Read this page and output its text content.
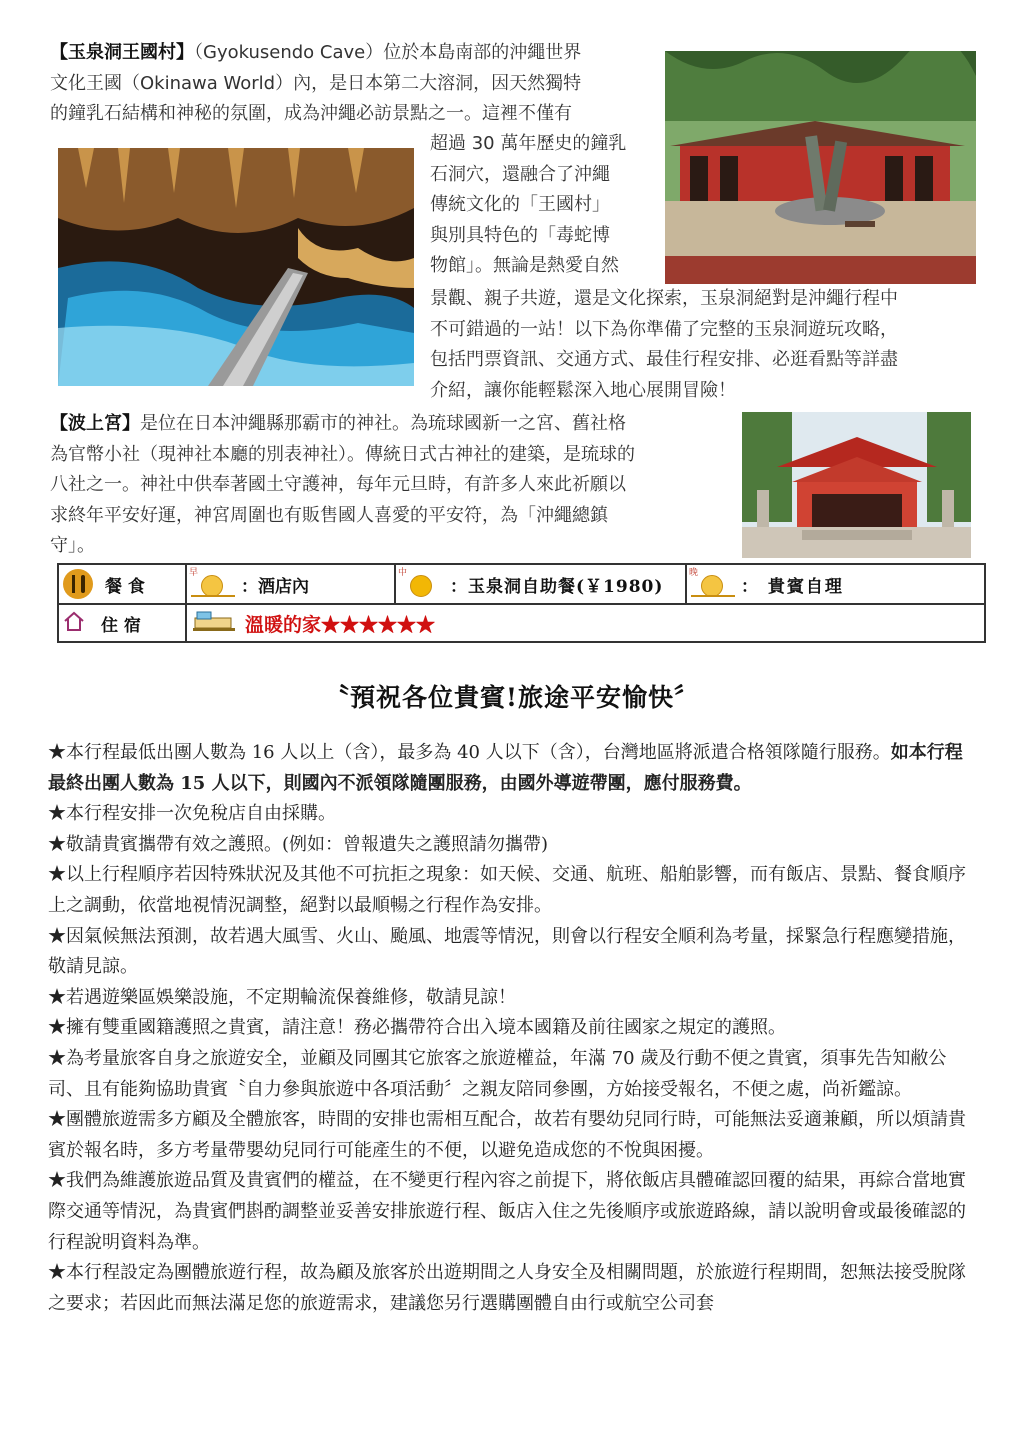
【玉泉洞王國村】（Gyokusendo Cave）位於本島南部的沖繩世界
文化王國（Okinawa World）內，是日本第二大溶洞，因天然獨特
的鐘乳石結構和神秘的氛圍，成為沖繩必訪景點之一。這裡不僅有
超過 30 萬年歷史的鐘乳
石洞穴，還融合了沖繩
傳統文化的「王國村」
與別具特色的「毒蛇博
物館」。無論是熱愛自然
景觀、親子共遊，還是文化探索，玉泉洞絕對是沖繩行程中
不可錯過的一站！以下為你準備了完整的玉泉洞遊玩攻略，
包括門票資訊、交通方式、最佳行程安排、必逛看點等詳盡
介紹，讓你能輕鬆深入地心展開冒險！
【波上宮】是位在日本沖繩縣那霸市的神社。為琉球國新一之宮、舊社格
為官幣小社（現神社本廳的別表神社）。傳統日式古神社的建築，是琉球的
八社之一。神社中供奉著國土守護神，每年元旦時，有許多人來此祈願以
求終年平安好運，神宮周圍也有販售國人喜愛的平安符，為「沖繩總鎮
守」。
餐 食
早
：酒店內
中
：玉泉洞自助餐(￥1980)
晚
： 貴賓自理
住 宿	溫暖的家★★★★★★
〝預祝各位貴賓!旅途平安愉快〞

★本行程最低出團人數為 16 人以上（含），最多為 40 人以下（含），台灣地區將派遣合格領隊隨行服務。如本行程最終出團人數為 15 人以下，則國內不派領隊隨團服務，由國外導遊帶團，應付服務費。

★本行程安排一次免稅店自由採購。

★敬請貴賓攜帶有效之護照。(例如：曾報遺失之護照請勿攜帶)

★以上行程順序若因特殊狀況及其他不可抗拒之現象：如天候、交通、航班、船舶影響，而有飯店、景點、餐食順序上之調動，依當地視情況調整，絕對以最順暢之行程作為安排。

★因氣候無法預測，故若遇大風雪、火山、颱風、地震等情況，則會以行程安全順利為考量，採緊急行程應變措施，敬請見諒。

★若遇遊樂區娛樂設施，不定期輪流保養維修，敬請見諒！

★擁有雙重國籍護照之貴賓，請注意！務必攜帶符合出入境本國籍及前往國家之規定的護照。

★為考量旅客自身之旅遊安全，並顧及同團其它旅客之旅遊權益，年滿 70 歲及行動不便之貴賓，須事先告知敝公司、且有能夠協助貴賓〝自力參與旅遊中各項活動〞之親友陪同參團，方始接受報名，不便之處，尚祈鑑諒。

★團體旅遊需多方顧及全體旅客，時間的安排也需相互配合，故若有嬰幼兒同行時，可能無法妥適兼顧，所以煩請貴賓於報名時，多方考量帶嬰幼兒同行可能產生的不便，以避免造成您的不悅與困擾。

★我們為維護旅遊品質及貴賓們的權益，在不變更行程內容之前提下，將依飯店具體確認回覆的結果，再綜合當地實際交通等情況，為貴賓們斟酌調整並妥善安排旅遊行程、飯店入住之先後順序或旅遊路線，請以說明會或最後確認的行程說明資料為準。

★本行程設定為團體旅遊行程，故為顧及旅客於出遊期間之人身安全及相關問題，於旅遊行程期間，恕無法接受脫隊之要求；若因此而無法滿足您的旅遊需求，建議您另行選購團體自由行或航空公司套
